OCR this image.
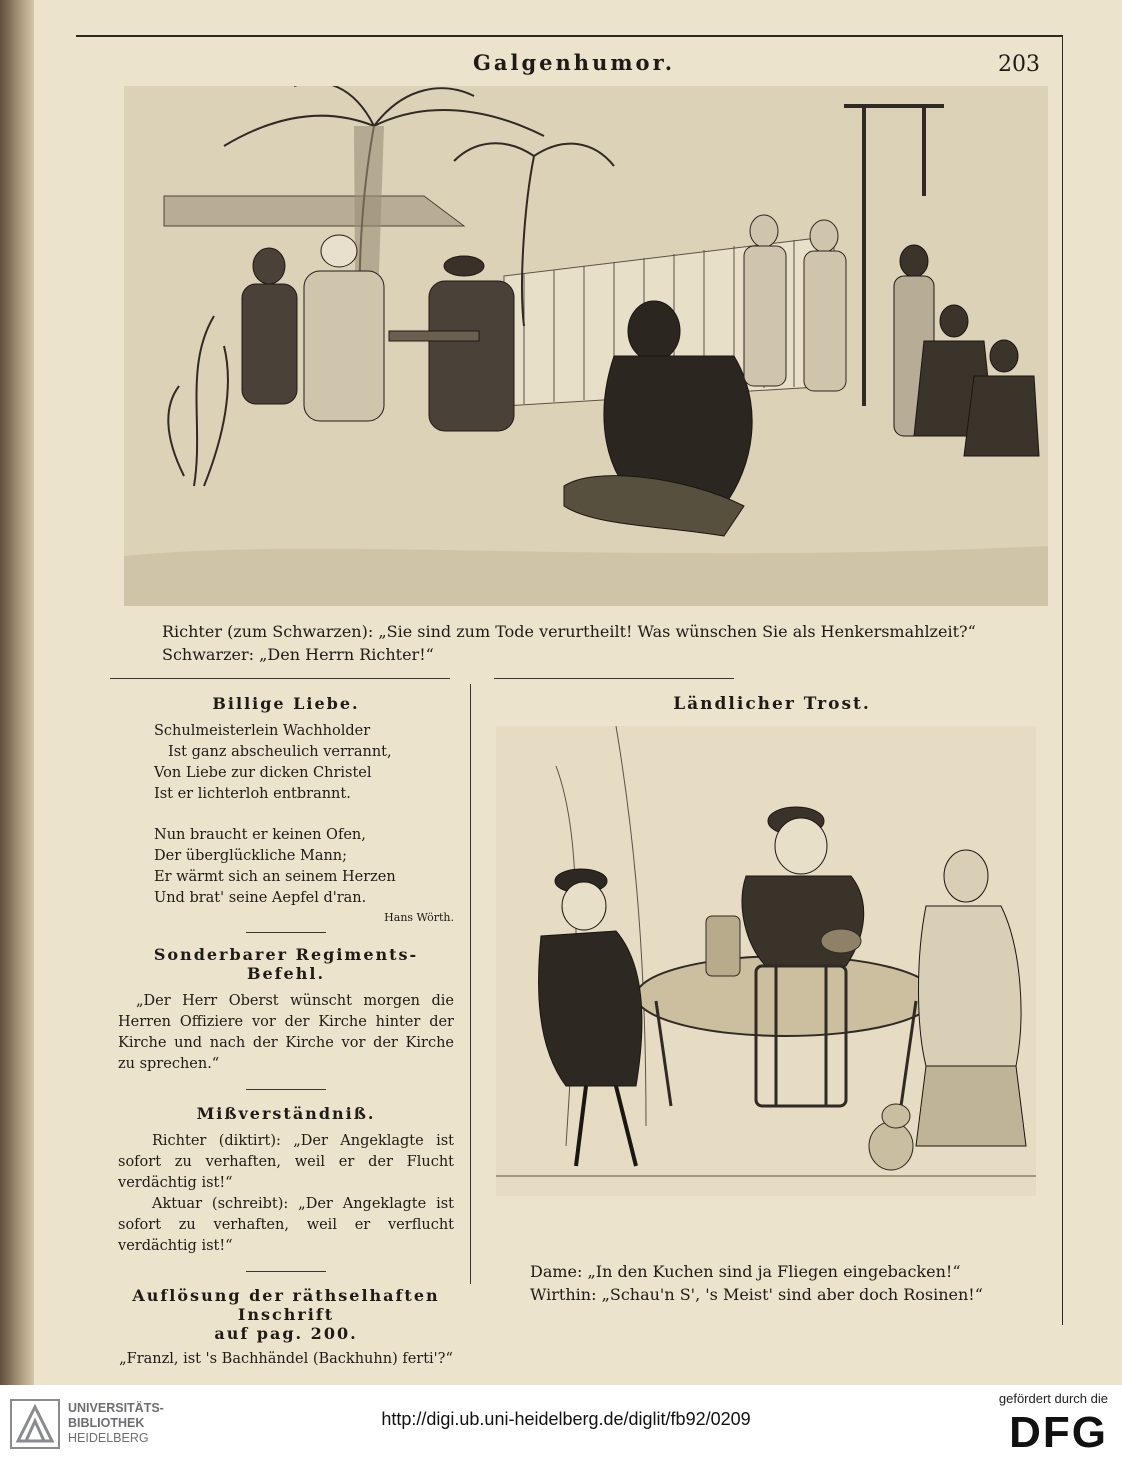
Galgenhumor.	203
Richter (zum Schwarzen): „Sie sind zum Tode verurtheilt! Was wünschen Sie als Henkersmahlzeit?“
Schwarzer: „Den Herrn Richter!“
Billige Liebe.
Schulmeisterlein Wachholder
Ist ganz abscheulich verrannt,
Von Liebe zur dicken Christel
Ist er lichterloh entbrannt.
Nun braucht er keinen Ofen,
Der überglückliche Mann;
Er wärmt sich an seinem Herzen
Und brat' seine Aepfel d'ran.
Hans Wörth.
Sonderbarer Regiments-Befehl.
„Der Herr Oberst wünscht morgen die Herren Offiziere vor der Kirche hinter der Kirche und nach der Kirche vor der Kirche zu sprechen.“
Mißverständniß.
Richter (diktirt): „Der Angeklagte ist sofort zu verhaften, weil er der Flucht verdächtig ist!“
Aktuar (schreibt): „Der Angeklagte ist sofort zu verhaften, weil er verflucht verdächtig ist!“
Auflösung der räthselhaften Inschrift
auf pag. 200.
„Franzl, ist 's Bachhändel (Backhuhn) ferti'?“
Ländlicher Trost.
Dame: „In den Kuchen sind ja Fliegen eingebacken!“
Wirthin: „Schau'n S', 's Meist' sind aber doch Rosinen!“
UNIVERSITÄTS-
BIBLIOTHEK
HEIDELBERG
http://digi.ub.uni-heidelberg.de/diglit/fb92/0209
gefördert durch die
DFG
